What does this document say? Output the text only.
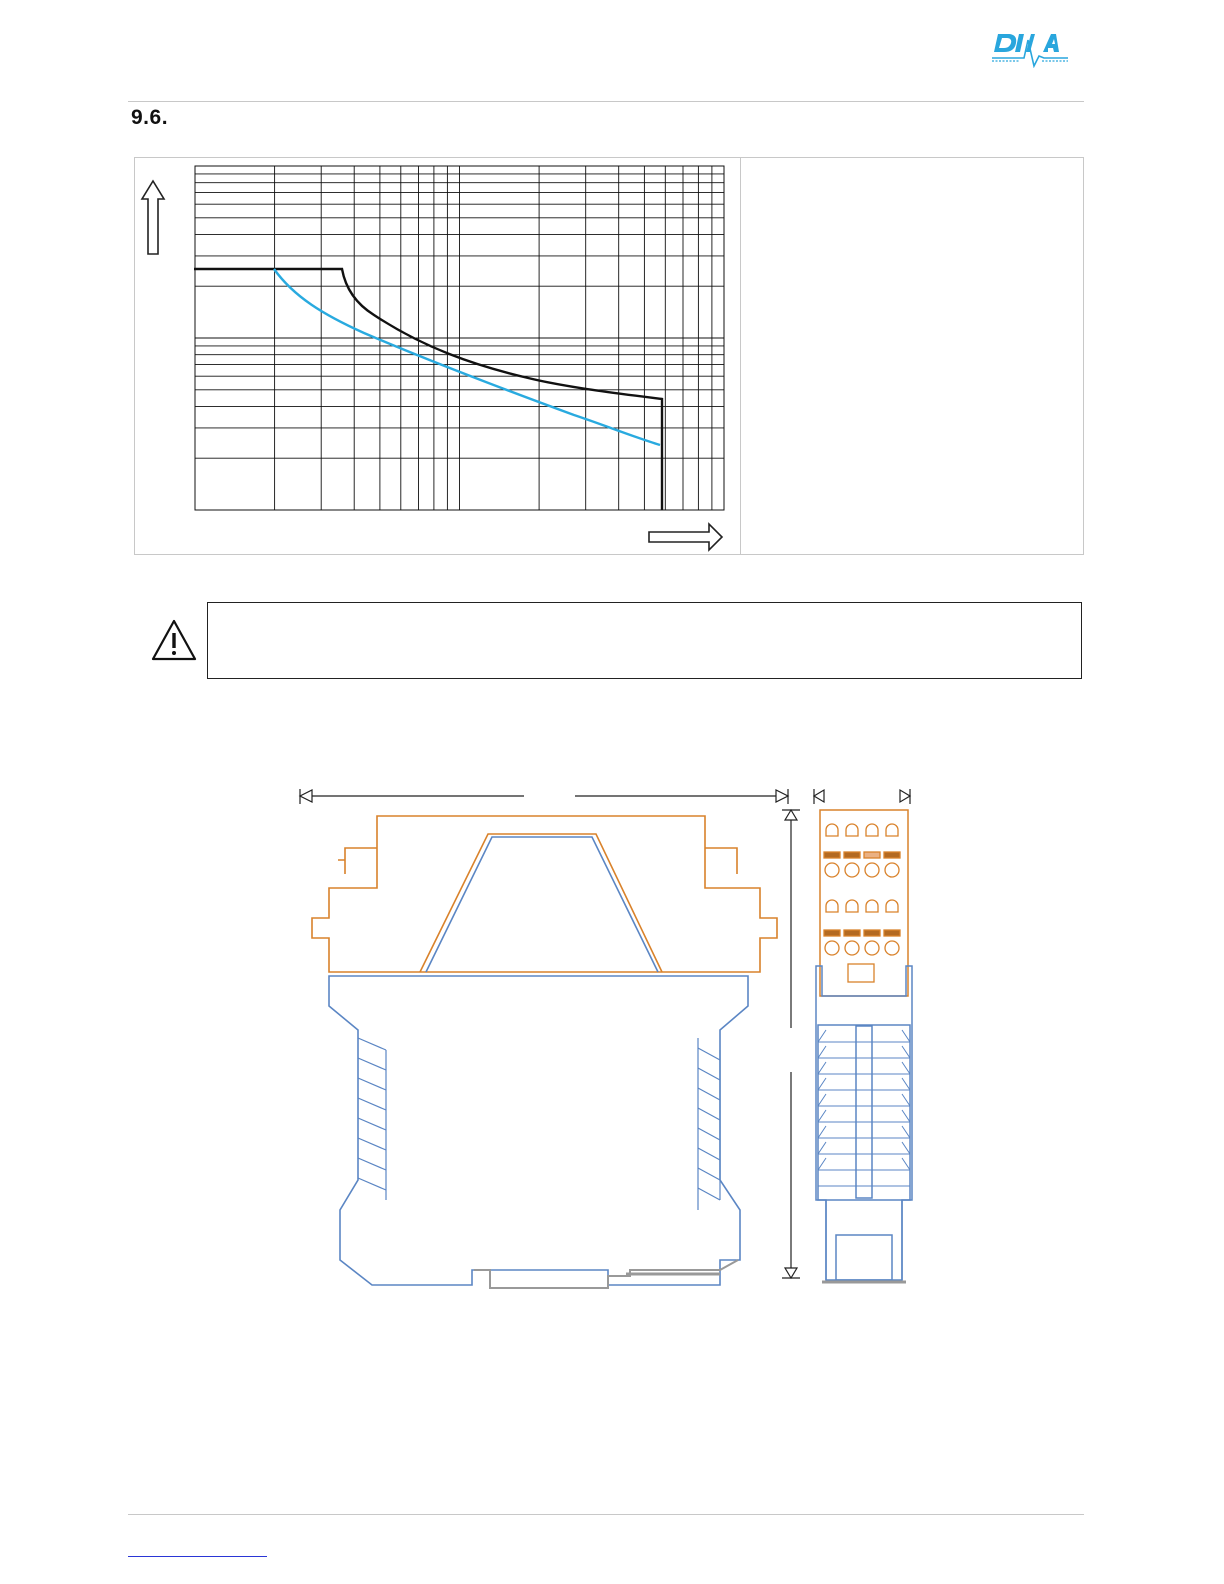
9.6.
